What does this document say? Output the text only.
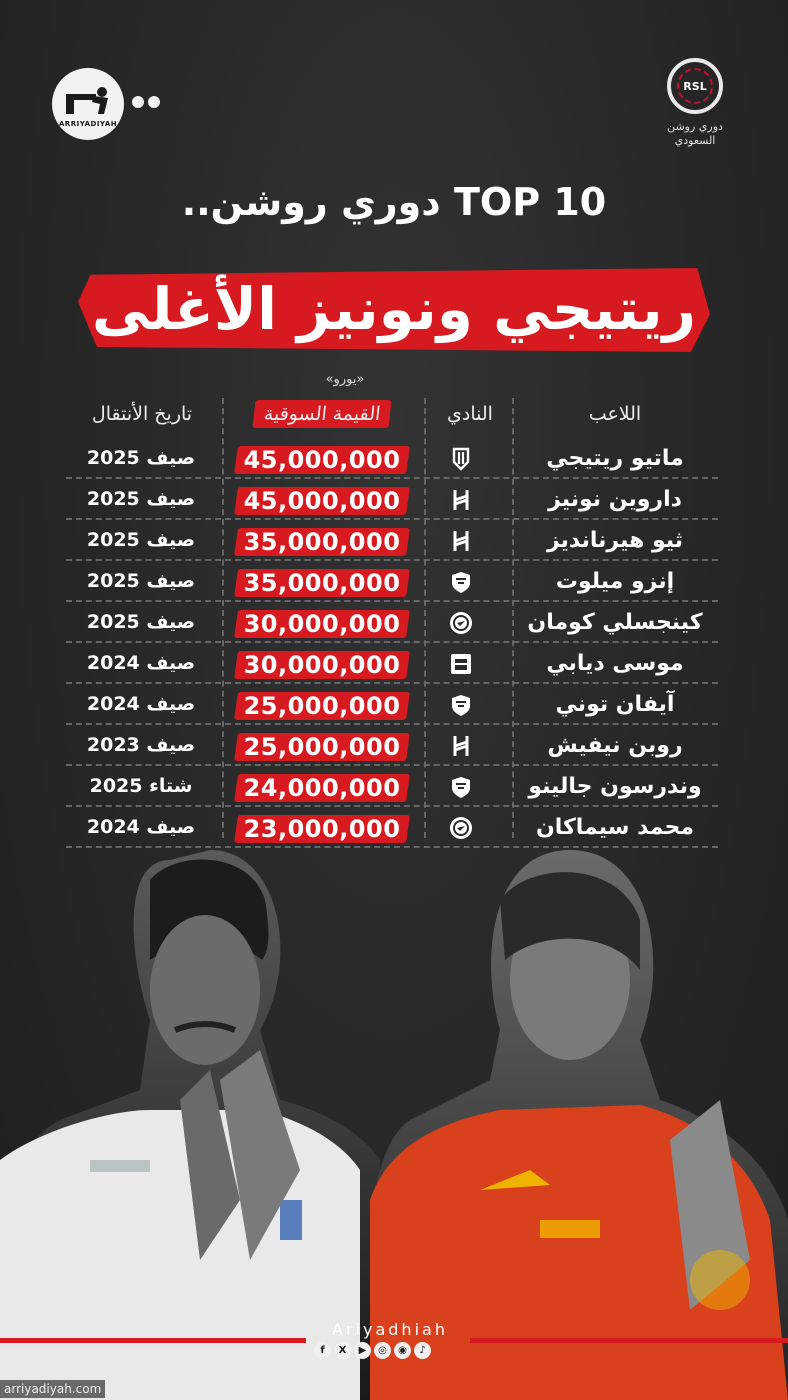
ARRIYADIYAH
RSL
دوري روشن
السعودي
TOP 10 دوري روشن..
ريتيجي ونونيز الأغلى
«يورو»
اللاعب
النادي
القيمة السوقية
تاريخ الأنتقال
ماتيو ريتيجي
45,000,000
صيف 2025
داروين نونيز
45,000,000
صيف 2025
ثيو هيرنانديز
35,000,000
صيف 2025
إنزو ميلوت
35,000,000
صيف 2025
كينجسلي كومان
30,000,000
صيف 2025
موسى ديابي
30,000,000
صيف 2024
آيفان توني
25,000,000
صيف 2024
روبن نيفيش
25,000,000
صيف 2023
وندرسون جالينو
24,000,000
شتاء 2025
محمد سيماكان
23,000,000
صيف 2024
Ariyadhiah
f	X	▶	◎	◉	♪
arriyadiyah.com
